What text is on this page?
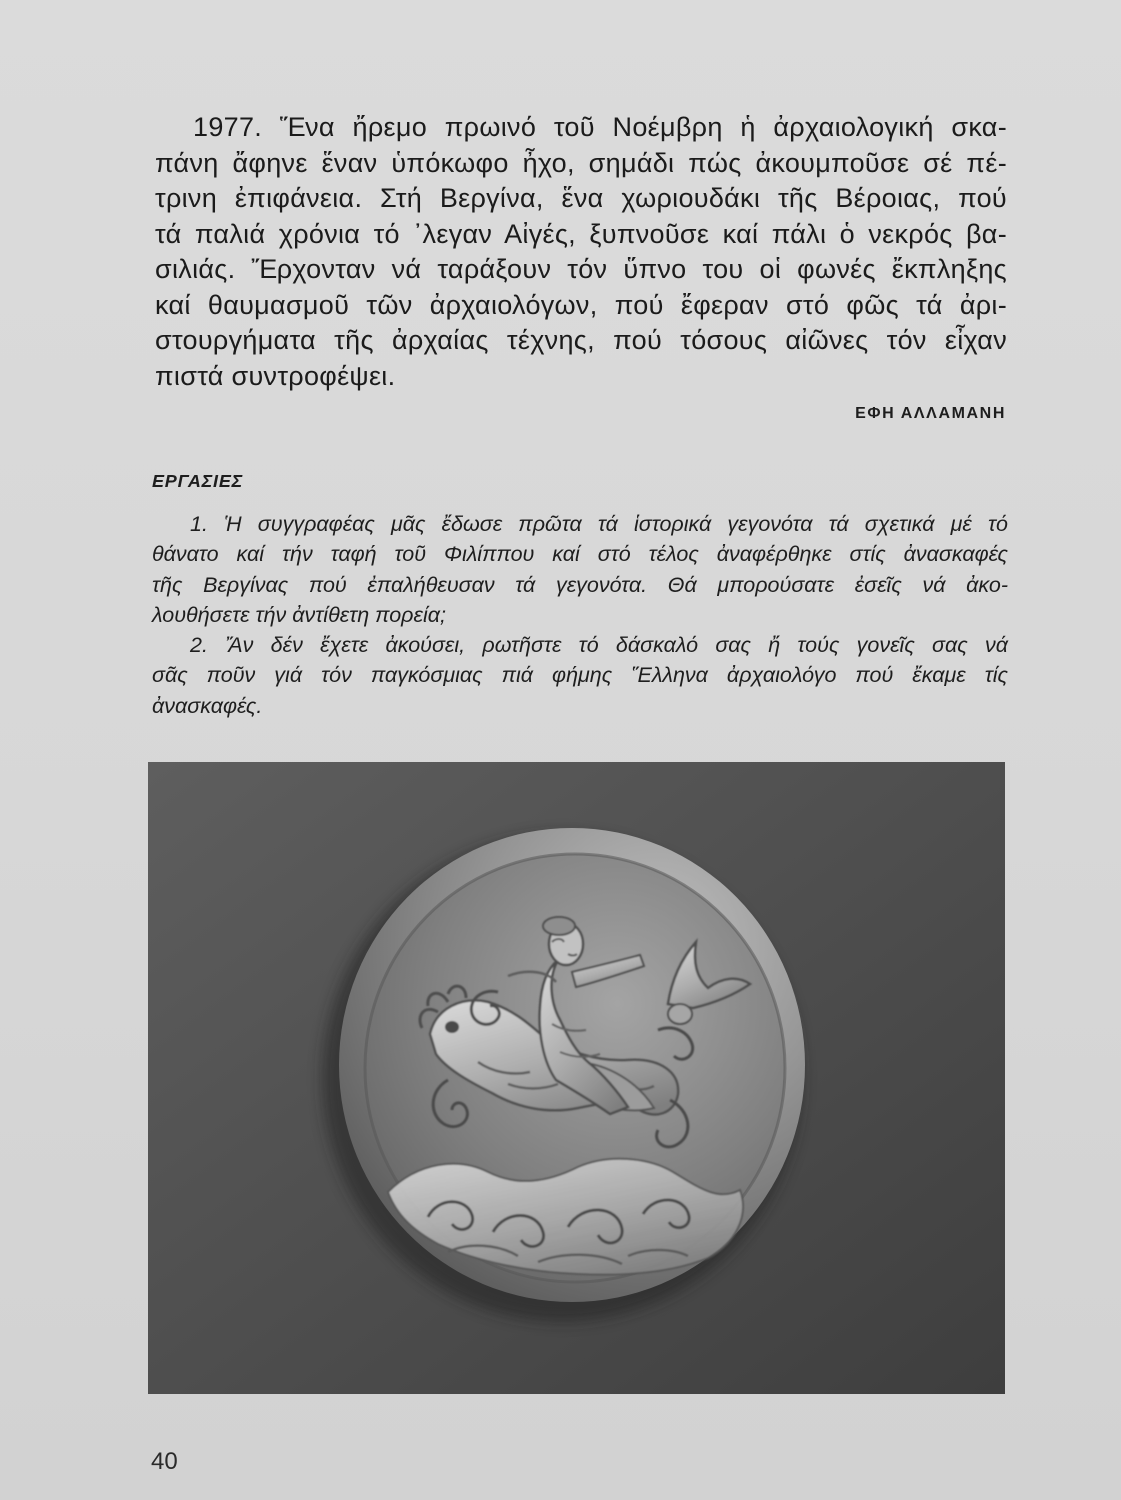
1977. Ἕνα ἤρεμο πρωινό τοῦ Νοέμβρη ἡ ἀρχαιολογική σκα-
πάνη ἄφηνε ἕναν ὑπόκωφο ἦχο, σημάδι πώς ἀκουμποῦσε σέ πέ-
τρινη ἐπιφάνεια. Στή Βεργίνα, ἕνα χωριουδάκι τῆς Βέροιας, πού
τά παλιά χρόνια τό ᾽λεγαν Αἰγές, ξυπνοῦσε καί πάλι ὁ νεκρός βα-
σιλιάς. Ἔρχονταν νά ταράξουν τόν ὕπνο του οἱ φωνές ἔκπληξης
καί θαυμασμοῦ τῶν ἀρχαιολόγων, πού ἔφεραν στό φῶς τά ἀρι-
στουργήματα τῆς ἀρχαίας τέχνης, πού τόσους αἰῶνες τόν εἶχαν
πιστά συντροφέψει.
ΕΦΗ ΑΛΛΑΜΑΝΗ
ΕΡΓΑΣΙΕΣ
1. Ἡ συγγραφέας μᾶς ἔδωσε πρῶτα τά ἱστορικά γεγονότα τά σχετικά μέ τό
θάνατο καί τήν ταφή τοῦ Φιλίππου καί στό τέλος ἀναφέρθηκε στίς ἀνασκαφές
τῆς Βεργίνας πού ἐπαλήθευσαν τά γεγονότα. Θά μπορούσατε ἐσεῖς νά ἀκο-
λουθήσετε τήν ἀντίθετη πορεία;
2. Ἄν δέν ἔχετε ἀκούσει, ρωτῆστε τό δάσκαλό σας ἤ τούς γονεῖς σας νά
σᾶς ποῦν γιά τόν παγκόσμιας πιά φήμης Ἕλληνα ἀρχαιολόγο πού ἔκαμε τίς
ἀνασκαφές.
40
